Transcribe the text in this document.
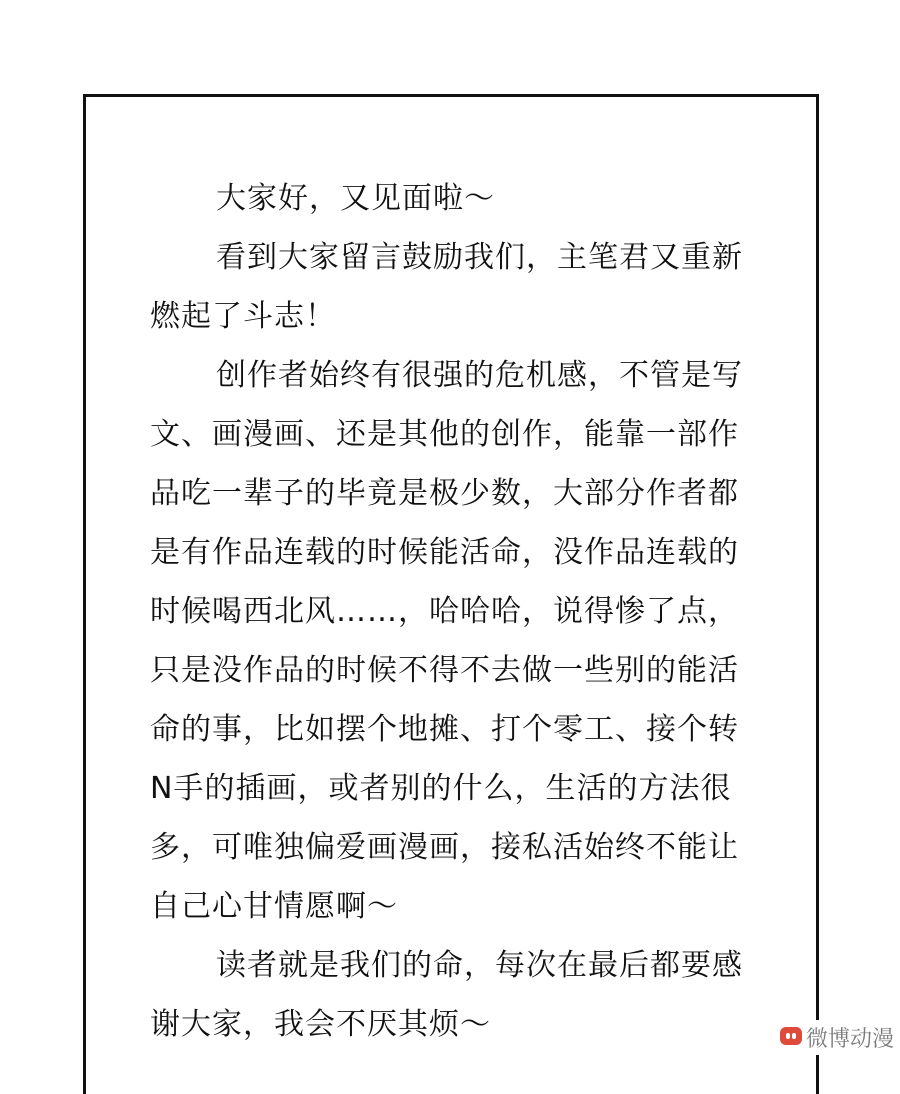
大家好，又见面啦～

看到大家留言鼓励我们，主笔君又重新燃起了斗志！

创作者始终有很强的危机感，不管是写文、画漫画、还是其他的创作，能靠一部作品吃一辈子的毕竟是极少数，大部分作者都是有作品连载的时候能活命，没作品连载的时候喝西北风……，哈哈哈，说得惨了点，只是没作品的时候不得不去做一些别的能活命的事，比如摆个地摊、打个零工、接个转N手的插画，或者别的什么，生活的方法很多，可唯独偏爱画漫画，接私活始终不能让自己心甘情愿啊～

读者就是我们的命，每次在最后都要感谢大家，我会不厌其烦～	微博动漫
